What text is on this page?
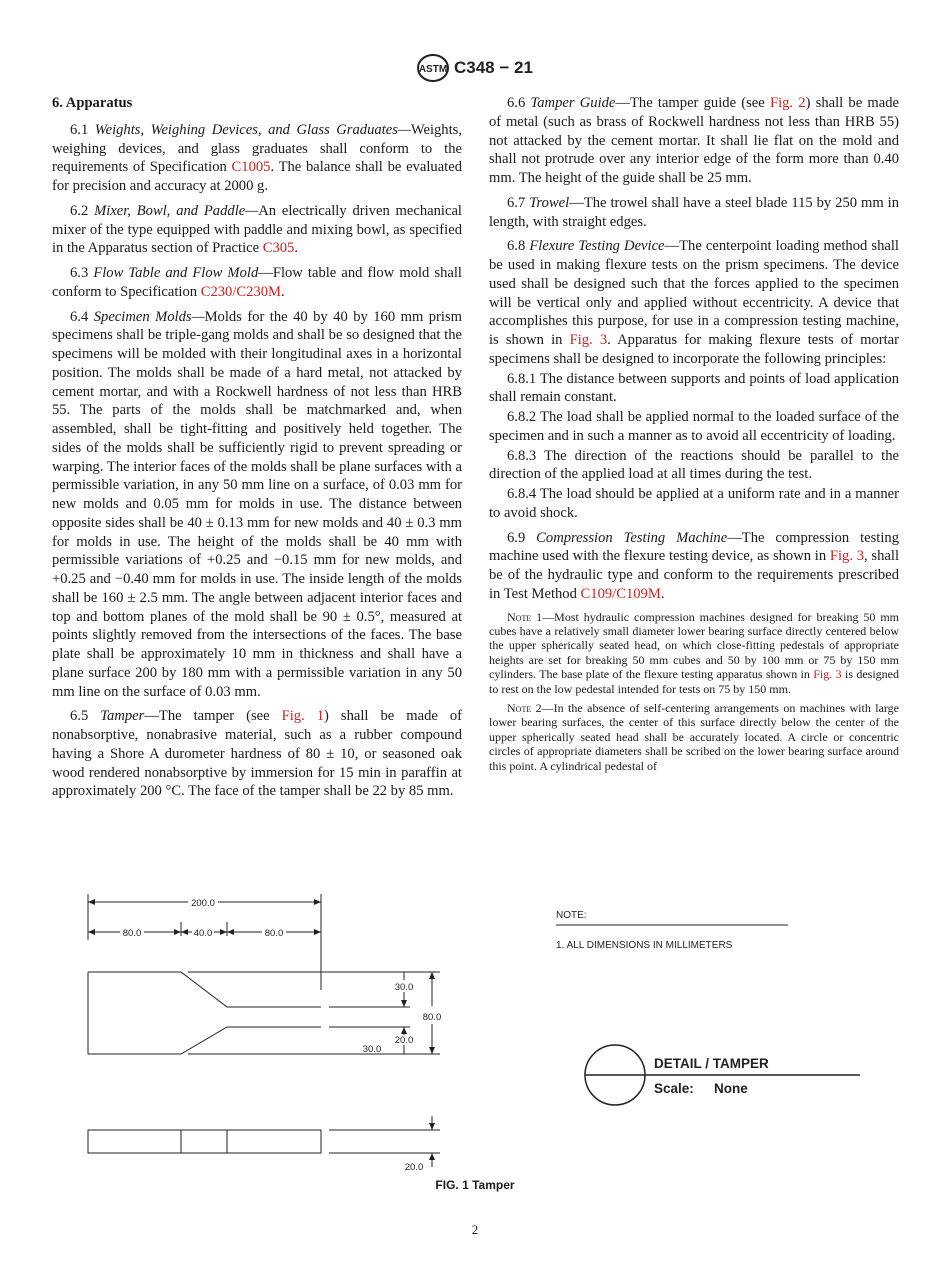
ASTM C348 − 21

6. Apparatus

6.1 Weights, Weighing Devices, and Glass Graduates—Weights, weighing devices, and glass graduates shall conform to the requirements of Specification C1005. The balance shall be evaluated for precision and accuracy at 2000 g.

6.2 Mixer, Bowl, and Paddle—An electrically driven mechanical mixer of the type equipped with paddle and mixing bowl, as specified in the Apparatus section of Practice C305.

6.3 Flow Table and Flow Mold—Flow table and flow mold shall conform to Specification C230/C230M.

6.4 Specimen Molds—Molds for the 40 by 40 by 160 mm prism specimens shall be triple-gang molds and shall be so designed that the specimens will be molded with their longitudinal axes in a horizontal position. The molds shall be made of a hard metal, not attacked by cement mortar, and with a Rockwell hardness of not less than HRB 55. The parts of the molds shall be matchmarked and, when assembled, shall be tight-fitting and positively held together. The sides of the molds shall be sufficiently rigid to prevent spreading or warping. The interior faces of the molds shall be plane surfaces with a permissible variation, in any 50 mm line on a surface, of 0.03 mm for new molds and 0.05 mm for molds in use. The distance between opposite sides shall be 40 ± 0.13 mm for new molds and 40 ± 0.3 mm for molds in use. The height of the molds shall be 40 mm with permissible variations of +0.25 and −0.15 mm for new molds, and +0.25 and −0.40 mm for molds in use. The inside length of the molds shall be 160 ± 2.5 mm. The angle between adjacent interior faces and top and bottom planes of the mold shall be 90 ± 0.5°, measured at points slightly removed from the intersections of the faces. The base plate shall be approximately 10 mm in thickness and shall have a plane surface 200 by 180 mm with a permissible variation in any 50 mm line on the surface of 0.03 mm.

6.5 Tamper—The tamper (see Fig. 1) shall be made of nonabsorptive, nonabrasive material, such as a rubber compound having a Shore A durometer hardness of 80 ± 10, or seasoned oak wood rendered nonabsorptive by immersion for 15 min in paraffin at approximately 200 °C. The face of the tamper shall be 22 by 85 mm.

6.6 Tamper Guide—The tamper guide (see Fig. 2) shall be made of metal (such as brass of Rockwell hardness not less than HRB 55) not attacked by the cement mortar. It shall lie flat on the mold and shall not protrude over any interior edge of the form more than 0.40 mm. The height of the guide shall be 25 mm.

6.7 Trowel—The trowel shall have a steel blade 115 by 250 mm in length, with straight edges.

6.8 Flexure Testing Device—The centerpoint loading method shall be used in making flexure tests on the prism specimens. The device used shall be designed such that the forces applied to the specimen will be vertical only and applied without eccentricity. A device that accomplishes this purpose, for use in a compression testing machine, is shown in Fig. 3. Apparatus for making flexure tests of mortar specimens shall be designed to incorporate the following principles:

6.8.1 The distance between supports and points of load application shall remain constant.

6.8.2 The load shall be applied normal to the loaded surface of the specimen and in such a manner as to avoid all eccentricity of loading.

6.8.3 The direction of the reactions should be parallel to the direction of the applied load at all times during the test.

6.8.4 The load should be applied at a uniform rate and in a manner to avoid shock.

6.9 Compression Testing Machine—The compression testing machine used with the flexure testing device, as shown in Fig. 3, shall be of the hydraulic type and conform to the requirements prescribed in Test Method C109/C109M.

Note 1—Most hydraulic compression machines designed for breaking 50 mm cubes have a relatively small diameter lower bearing surface directly centered below the upper spherically seated head, on which close-fitting pedestals of appropriate heights are set for breaking 50 mm cubes and 50 by 100 mm or 75 by 150 mm cylinders. The base plate of the flexure testing apparatus shown in Fig. 3 is designed to rest on the low pedestal intended for tests on 75 by 150 mm.

Note 2—In the absence of self-centering arrangements on machines with large lower bearing surfaces, the center of this surface directly below the center of the upper spherically seated head shall be accurately located. A circle or concentric circles of appropriate diameters shall be scribed on the lower bearing surface around this point. A cylindrical pedestal of

200.0
80.0	40.0	80.0
30.0
20.0
30.0
80.0
20.0
NOTE:
1. ALL DIMENSIONS IN MILLIMETERS
DETAIL / TAMPER
Scale: None
FIG. 1 Tamper
2
